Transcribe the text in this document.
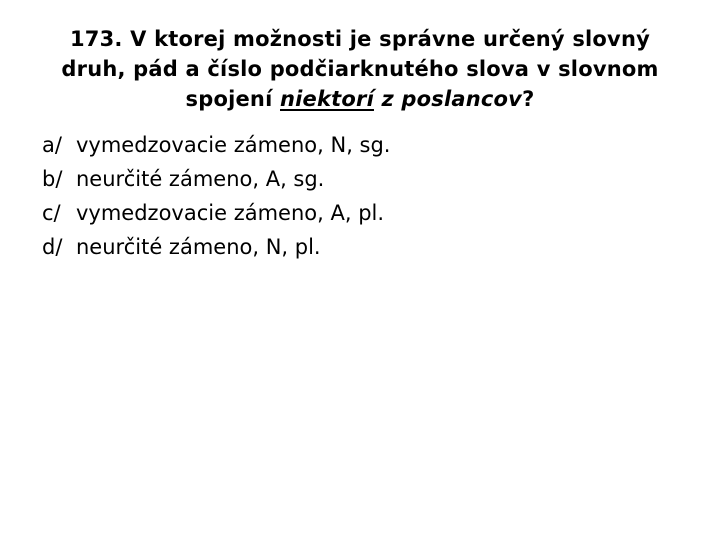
173. V ktorej možnosti je správne určený slovný druh, pád a číslo podčiarknutého slova v slovnom spojení niektorí z poslancov?
a/ vymedzovacie zámeno, N, sg.
b/ neurčité zámeno, A, sg.
c/ vymedzovacie zámeno, A, pl.
d/ neurčité zámeno, N, pl.
